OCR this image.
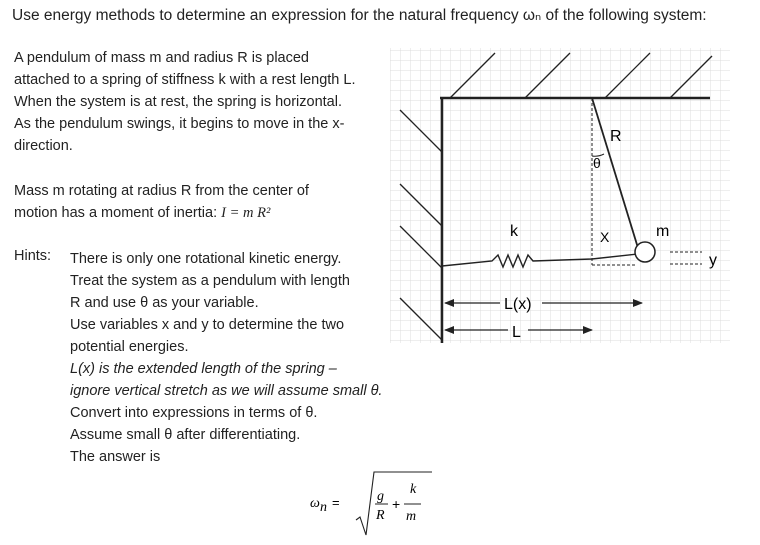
Use energy methods to determine an expression for the natural frequency ωₙ of the following system:
A pendulum of mass m and radius R is placed
attached to a spring of stiffness k with a rest length L.
When the system is at rest, the spring is horizontal.
As the pendulum swings, it begins to move in the x-
direction.
Mass m rotating at radius R from the center of
motion has a moment of inertia: I = m R²
Hints: There is only one rotational kinetic energy.
Treat the system as a pendulum with length
R and use θ as your variable.
Use variables x and y to determine the two
potential energies.
L(x) is the extended length of the spring –
ignore vertical stretch as we will assume small θ.
Convert into expressions in terms of θ.
Assume small θ after differentiating.
The answer is
ω n =	g
R
+
k
m
R
θ
k	X	m
y
L(x)
L
